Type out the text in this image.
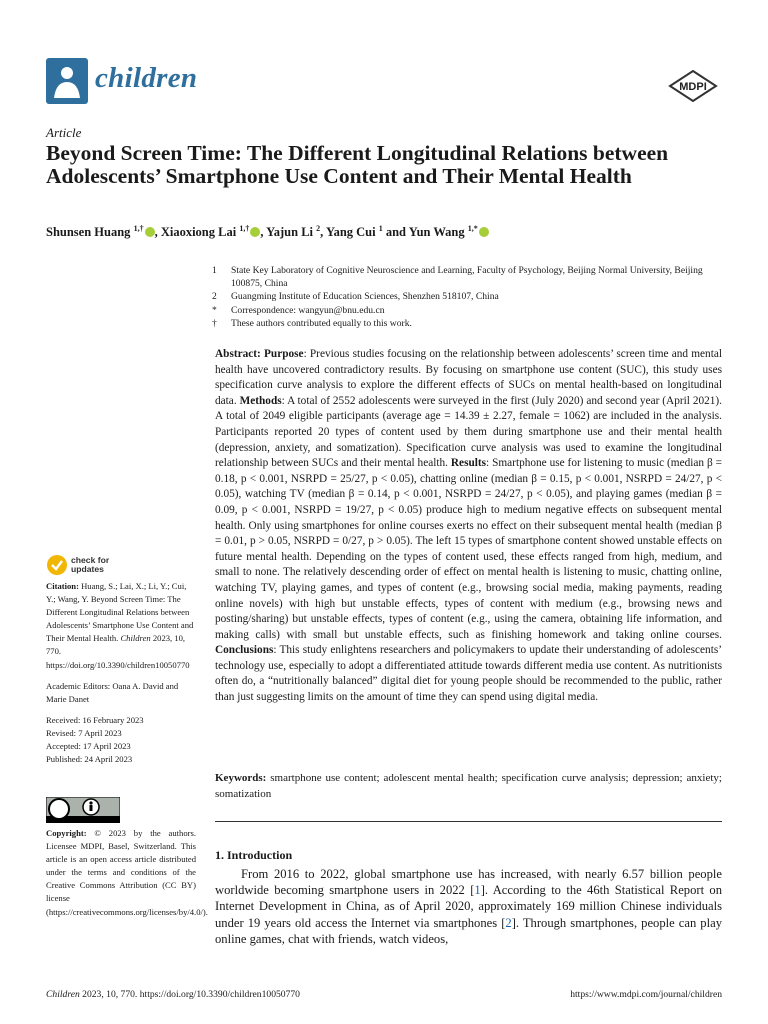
children	MDPI
Article
Beyond Screen Time: The Different Longitudinal Relations between Adolescents’ Smartphone Use Content and Their Mental Health
Shunsen Huang $^{1,\dagger}$ , Xiaoxiong Lai $^{1,\dagger}$ , Yajun Li $^2$, Yang Cui $^1$ and Yun Wang $^{1,*}$
1	State Key Laboratory of Cognitive Neuroscience and Learning, Faculty of Psychology, Beijing Normal University, Beijing 100875, China
2	Guangming Institute of Education Sciences, Shenzhen 518107, China
*	Correspondence: wangyun@bnu.edu.cn
†	These authors contributed equally to this work.
Abstract: Purpose: Previous studies focusing on the relationship between adolescents’ screen time and mental health have uncovered contradictory results. By focusing on smartphone use content (SUC), this study uses specification curve analysis to explore the different effects of SUCs on mental health-based on longitudinal data. Methods: A total of 2552 adolescents were surveyed in the first (July 2020) and second year (April 2021). A total of 2049 eligible participants (average age = 14.39 ± 2.27, female = 1062) are included in the analysis. Participants reported 20 types of content used by them during smartphone use and their mental health (depression, anxiety, and somatization). Specification curve analysis was used to examine the longitudinal relationship between SUCs and their mental health. Results: Smartphone use for listening to music (median β = 0.18, p < 0.001, NSRPD = 25/27, p < 0.05), chatting online (median β = 0.15, p < 0.001, NSRPD = 24/27, p < 0.05), watching TV (median β = 0.14, p < 0.001, NSRPD = 24/27, p < 0.05), and playing games (median β = 0.09, p < 0.001, NSRPD = 19/27, p < 0.05) produce high to medium negative effects on subsequent mental health. Only using smartphones for online courses exerts no effect on their subsequent mental health (median β = 0.01, p > 0.05, NSRPD = 0/27, p > 0.05). The left 15 types of smartphone content showed unstable effects on future mental health. Depending on the types of content used, these effects ranged from high, medium, and small to none. The relatively descending order of effect on mental health is listening to music, chatting online, watching TV, playing games, and types of content (e.g., browsing social media, making payments, reading online novels) with high but unstable effects, types of content with medium (e.g., browsing news and posting/sharing) but unstable effects, types of content (e.g., using the camera, obtaining life information, and making calls) with small but unstable effects, such as finishing homework and taking online courses. Conclusions: This study enlightens researchers and policymakers to update their understanding of adolescents’ technology use, especially to adopt a differentiated attitude towards different media use content. As nutritionists often do, a “nutritionally balanced” digital diet for young people should be recommended to the public, rather than just suggesting limits on the amount of time they can spend using digital media.
Keywords: smartphone use content; adolescent mental health; specification curve analysis; depression; anxiety; somatization
1. Introduction
From 2016 to 2022, global smartphone use has increased, with nearly 6.57 billion people worldwide becoming smartphone users in 2022 [1]. According to the 46th Statistical Report on Internet Development in China, as of April 2020, approximately 169 million Chinese individuals under 19 years old access the Internet via smartphones [2]. Through smartphones, people can play online games, chat with friends, watch videos,
check for updates
Citation: Huang, S.; Lai, X.; Li, Y.; Cui, Y.; Wang, Y. Beyond Screen Time: The Different Longitudinal Relations between Adolescents’ Smartphone Use Content and Their Mental Health. Children 2023, 10, 770. https://doi.org/10.3390/children10050770
Academic Editors: Oana A. David and Marie Danet
Received: 16 February 2023
Revised: 7 April 2023
Accepted: 17 April 2023
Published: 24 April 2023
Copyright: © 2023 by the authors. Licensee MDPI, Basel, Switzerland. This article is an open access article distributed under the terms and conditions of the Creative Commons Attribution (CC BY) license (https://creativecommons.org/licenses/by/4.0/).
Children 2023, 10, 770. https://doi.org/10.3390/children10050770	https://www.mdpi.com/journal/children
